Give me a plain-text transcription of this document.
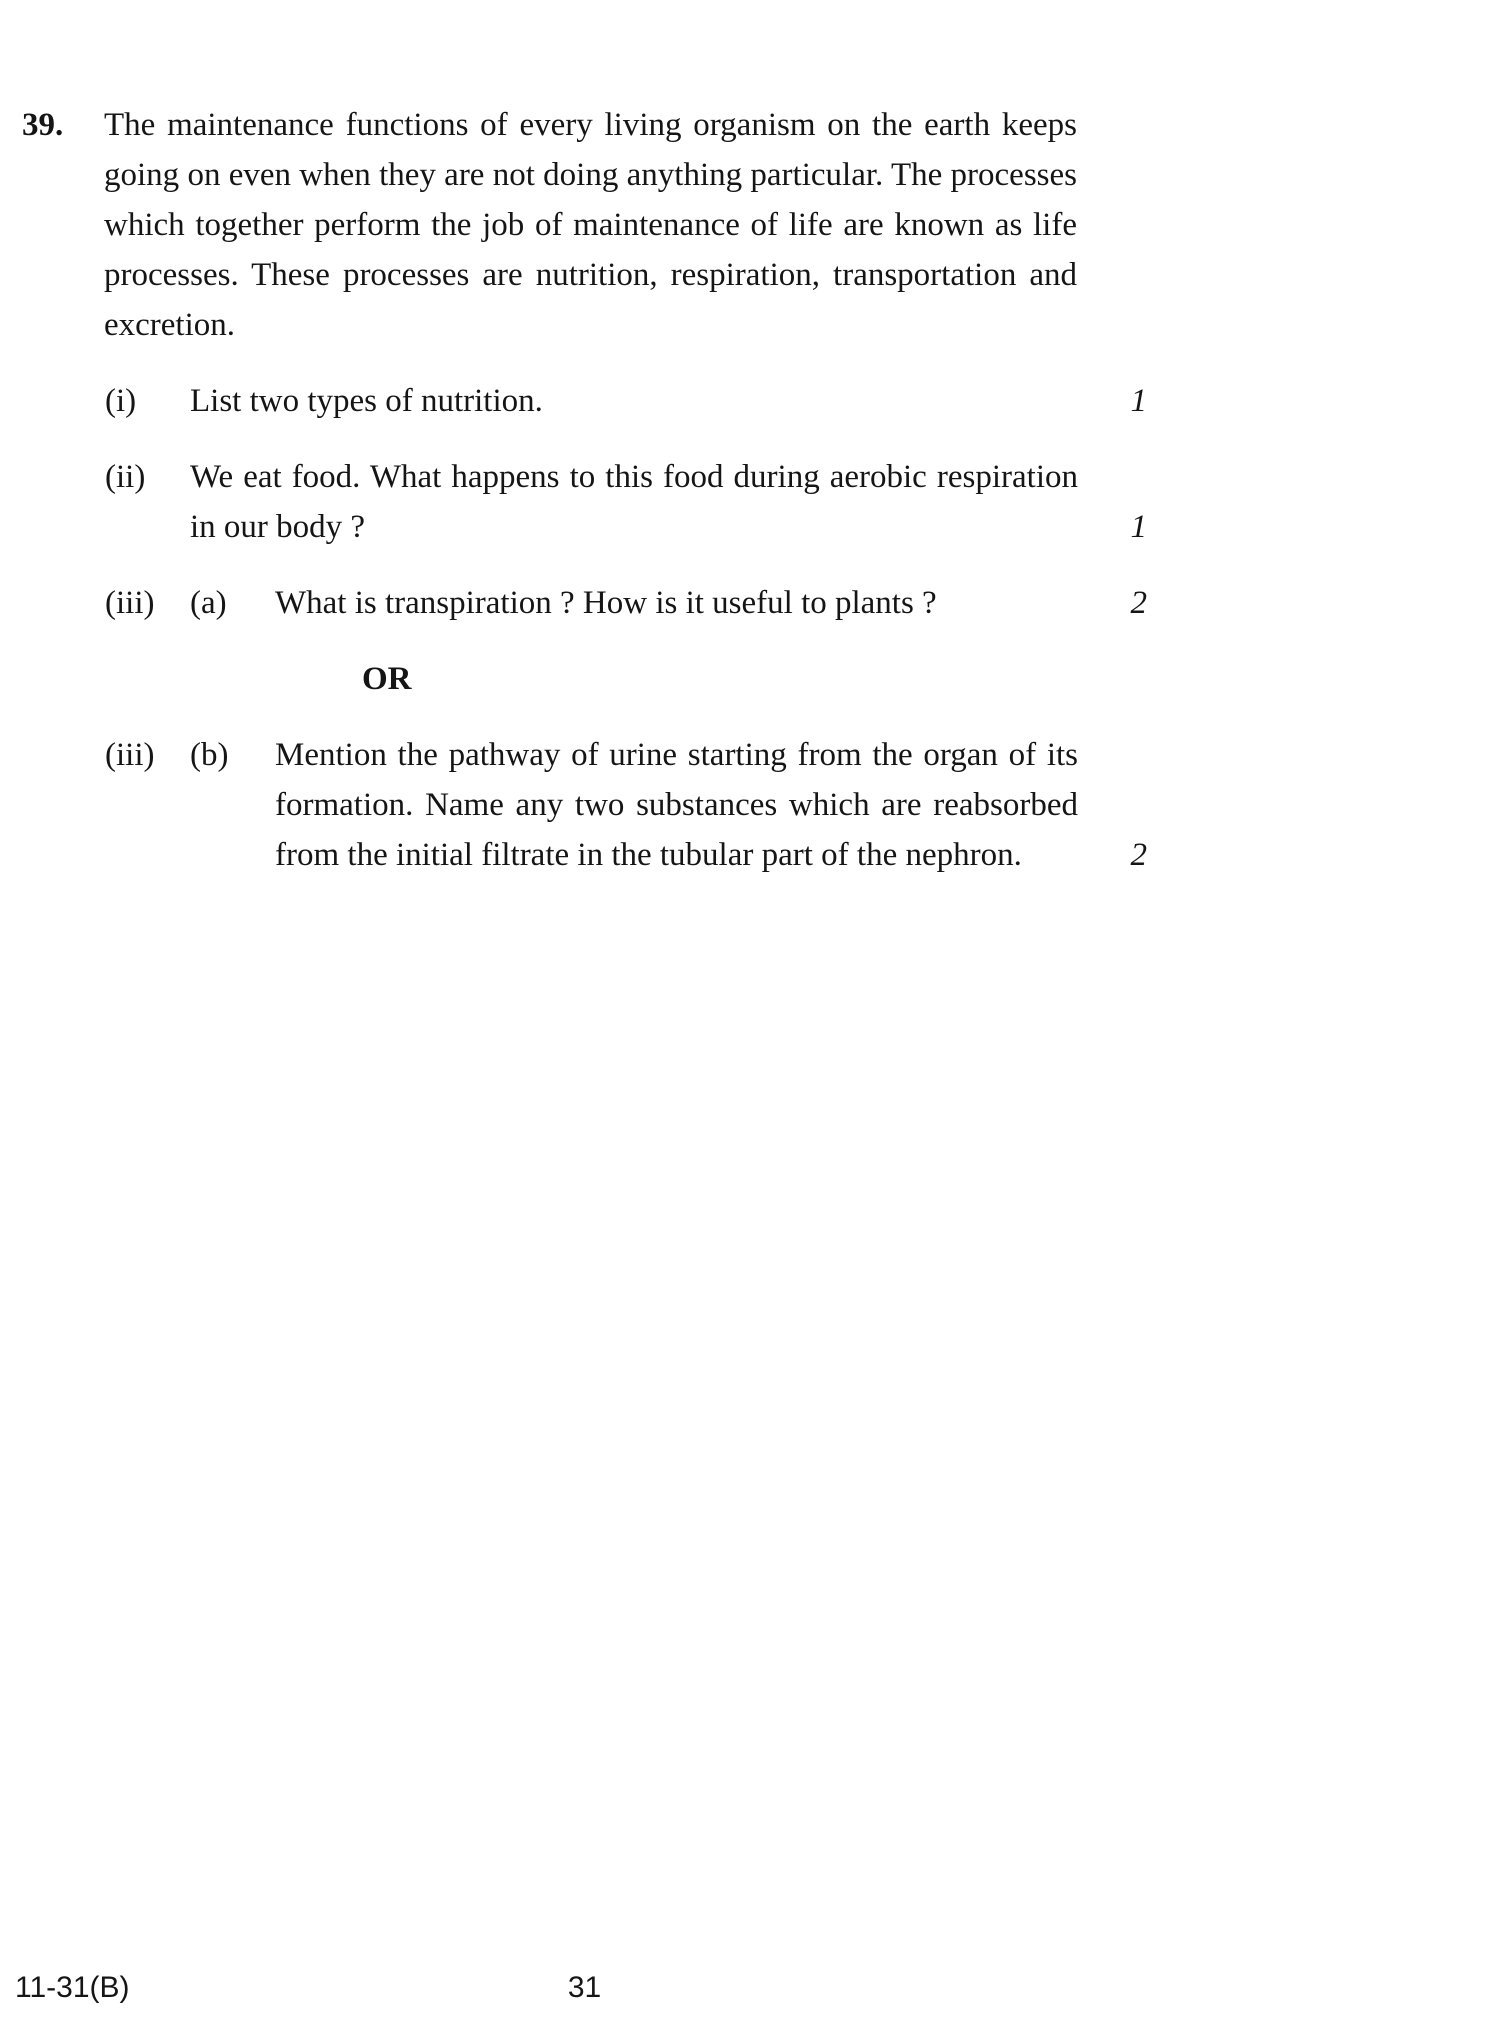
39.	The maintenance functions of every living organism on the earth keeps going on even when they are not doing anything particular. The processes which together perform the job of maintenance of life are known as life processes. These processes are nutrition, respiration, transportation and excretion.
(i)	List two types of nutrition.	1
(ii)	We eat food. What happens to this food during aerobic respiration in our body ?	1
(iii)	(a)	What is transpiration ? How is it useful to plants ?	2
OR
(iii)	(b)	Mention the pathway of urine starting from the organ of its formation. Name any two substances which are reabsorbed from the initial filtrate in the tubular part of the nephron.	2
11-31(B)	31
